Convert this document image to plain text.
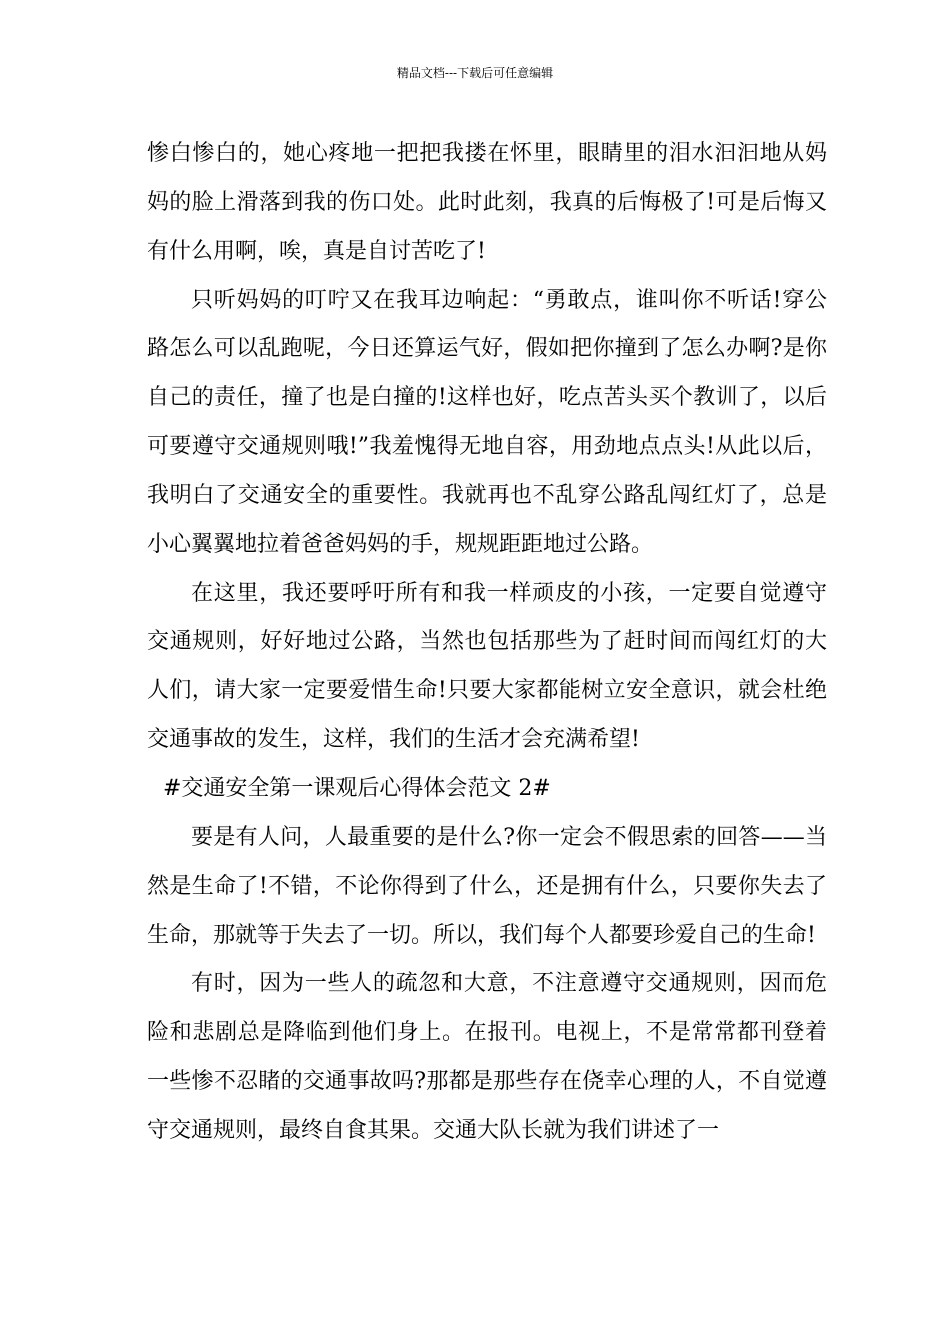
精品文档---下载后可任意编辑

惨白惨白的，她心疼地一把把我搂在怀里，眼睛里的泪水汩汩地从妈妈的脸上滑落到我的伤口处。此时此刻，我真的后悔极了!可是后悔又有什么用啊，唉，真是自讨苦吃了!

只听妈妈的叮咛又在我耳边响起：“勇敢点，谁叫你不听话!穿公路怎么可以乱跑呢，今日还算运气好，假如把你撞到了怎么办啊?是你自己的责任，撞了也是白撞的!这样也好，吃点苦头买个教训了，以后可要遵守交通规则哦!”我羞愧得无地自容，用劲地点点头!从此以后，我明白了交通安全的重要性。我就再也不乱穿公路乱闯红灯了，总是小心翼翼地拉着爸爸妈妈的手，规规距距地过公路。

在这里，我还要呼吁所有和我一样顽皮的小孩，一定要自觉遵守交通规则，好好地过公路，当然也包括那些为了赶时间而闯红灯的大人们，请大家一定要爱惜生命!只要大家都能树立安全意识，就会杜绝交通事故的发生，这样，我们的生活才会充满希望!

#交通安全第一课观后心得体会范文 2#

要是有人问，人最重要的是什么?你一定会不假思索的回答——当然是生命了!不错，不论你得到了什么，还是拥有什么，只要你失去了生命，那就等于失去了一切。所以，我们每个人都要珍爱自己的生命!

有时，因为一些人的疏忽和大意，不注意遵守交通规则，因而危险和悲剧总是降临到他们身上。在报刊。电视上，不是常常都刊登着一些惨不忍睹的交通事故吗?那都是那些存在侥幸心理的人，不自觉遵守交通规则，最终自食其果。交通大队长就为我们讲述了一
